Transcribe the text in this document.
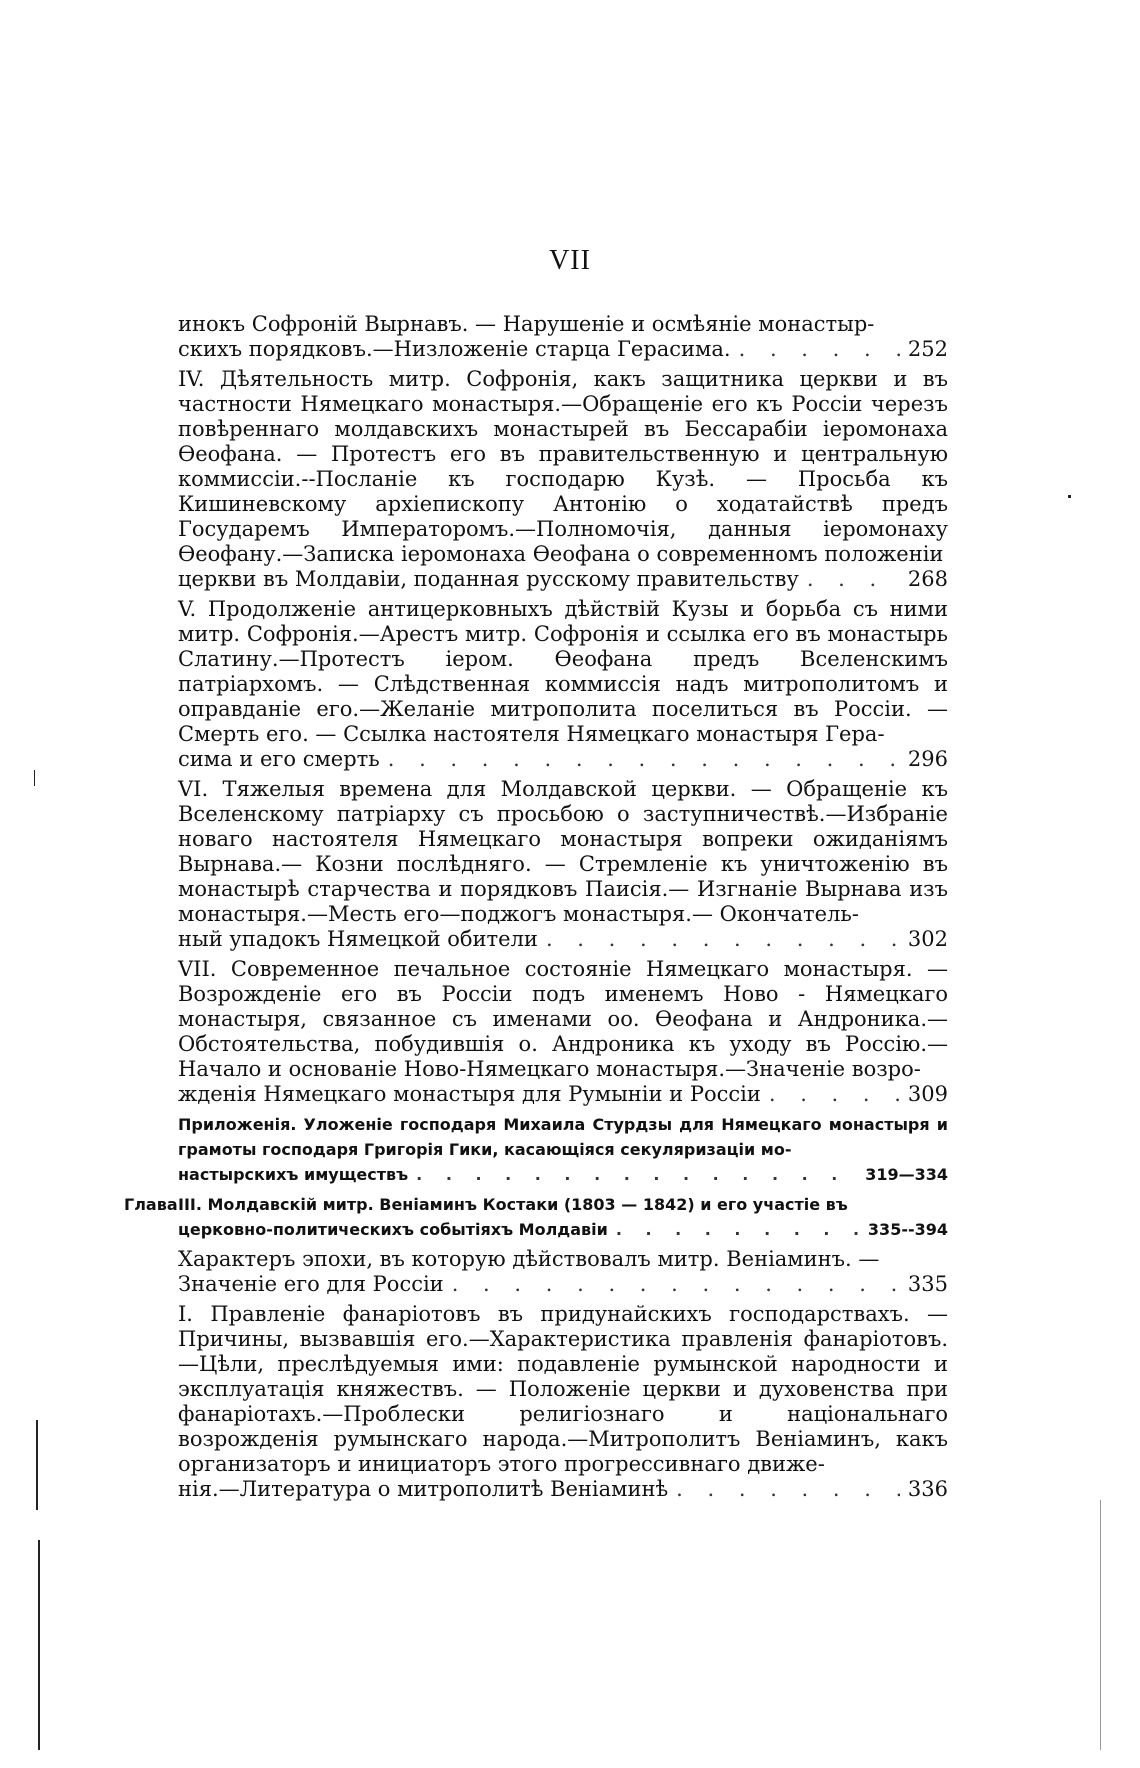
VII
инокъ Софроній Вырнавъ. — Нарушеніе и осмѣяніе монастыр-
скихъ порядковъ.—Низложеніе старца Герасима. . . .	252
IV. Дѣятельность митр. Софронія, какъ защитника церкви и въ частности Нямецкаго монастыря.—Обращеніе его къ Россіи черезъ повѣреннаго молдавскихъ монастырей въ Бессарабіи іеромонаха Өеофана. — Протестъ его въ правительственную и центральную коммиссіи.--Посланіе къ господарю Кузѣ. — Просьба къ Кишиневскому архіепископу Антонію о ходатайствѣ предъ Государемъ Императоромъ.—Полномочія, данныя іеромонаху Өеофану.—Записка іеромонаха Өеофана о современномъ положеніи
церкви въ Молдавіи, поданная русскому правительству . . .	268
V. Продолженіе антицерковныхъ дѣйствій Кузы и борьба съ ними митр. Софронія.—Арестъ митр. Софронія и ссылка его въ монастырь Слатину.—Протестъ іером. Өеофана предъ Вселенскимъ патріархомъ. — Слѣдственная коммиссія надъ митрополитомъ и оправданіе его.—Желаніе митрополита поселиться въ Россіи. — Смерть его. — Ссылка настоятеля Нямецкаго монастыря Гера-
сима и его смерть . . .	296
VI. Тяжелыя времена для Молдавской церкви. — Обращеніе къ Вселенскому патріарху съ просьбою о заступничествѣ.—Избраніе новаго настоятеля Нямецкаго монастыря вопреки ожиданіямъ Вырнава.— Козни послѣдняго. — Стремленіе къ уничтоженію въ монастырѣ старчества и порядковъ Паисія.— Изгнаніе Вырнава изъ монастыря.—Месть его—поджогъ монастыря.— Окончатель-
ный упадокъ Нямецкой обители . . .	302
VII. Современное печальное состояніе Нямецкаго монастыря. — Возрожденіе его въ Россіи подъ именемъ Ново - Нямецкаго монастыря, связанное съ именами оо. Өеофана и Андроника.— Обстоятельства, побудившія о. Андроника къ уходу въ Россію.— Начало и основаніе Ново-Нямецкаго монастыря.—Значеніе возро-
жденія Нямецкаго монастыря для Румыніи и Россіи . . .	309
Приложенія. Уложеніе господаря Михаила Стурдзы для Нямецкаго монастыря и грамоты господаря Григорія Гики, касающіяся секуляризаціи мо-
настырскихъ имуществъ . . .	319—334
Глава III. Молдавскій митр. Веніаминъ Костаки (1803 — 1842) и его участіе въ
церковно-политическихъ событіяхъ Молдавіи . . .	335--394
Характеръ эпохи, въ которую дѣйствовалъ митр. Веніаминъ. —
Значеніе его для Россіи . . .	335
I. Правленіе фанаріотовъ въ придунайскихъ господарствахъ. — Причины, вызвавшія его.—Характеристика правленія фанаріотовъ.—Цѣли, преслѣдуемыя ими: подавленіе румынской народности и эксплуатація княжествъ. — Положеніе церкви и духовенства при фанаріотахъ.—Проблески религіознаго и національнаго возрожденія румынскаго народа.—Митрополитъ Веніаминъ, какъ организаторъ и инициаторъ этого прогрессивнаго движе-
нія.—Литература о митрополитѣ Веніаминѣ . . .	336
